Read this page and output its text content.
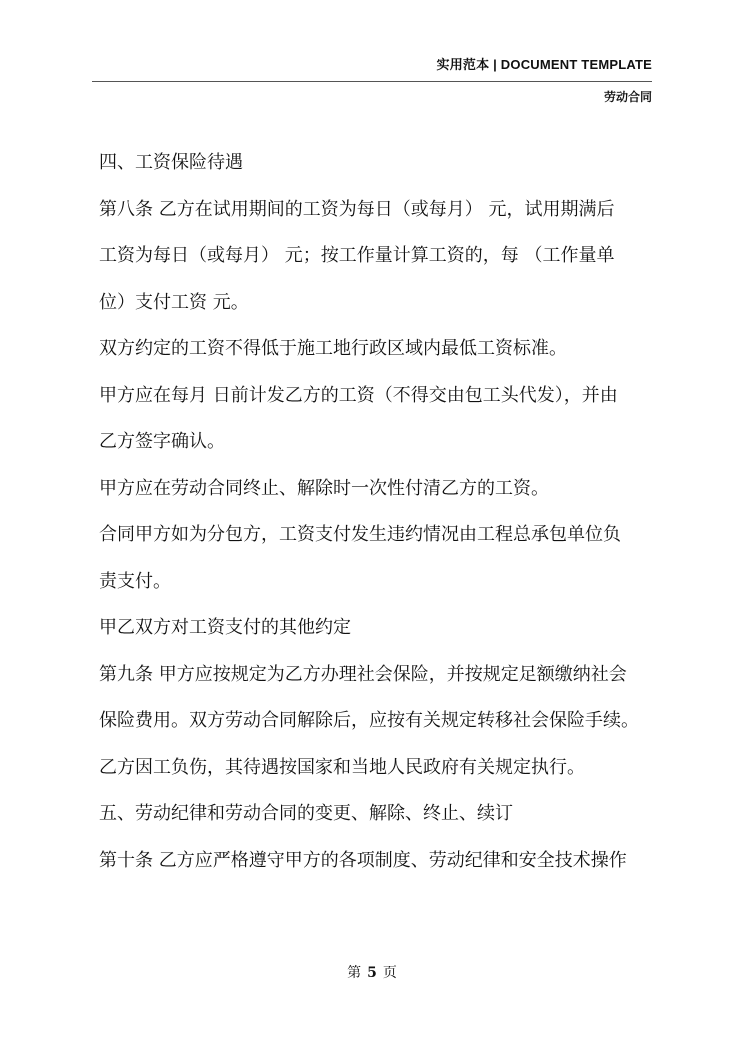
实用范本 | DOCUMENT TEMPLATE
劳动合同

四、工资保险待遇

第八条 乙方在试用期间的工资为每日（或每月） 元，试用期满后

工资为每日（或每月） 元；按工作量计算工资的，每 （工作量单

位）支付工资 元。

双方约定的工资不得低于施工地行政区域内最低工资标准。

甲方应在每月 日前计发乙方的工资（不得交由包工头代发），并由

乙方签字确认。

甲方应在劳动合同终止、解除时一次性付清乙方的工资。

合同甲方如为分包方，工资支付发生违约情况由工程总承包单位负

责支付。

甲乙双方对工资支付的其他约定

第九条 甲方应按规定为乙方办理社会保险，并按规定足额缴纳社会

保险费用。双方劳动合同解除后，应按有关规定转移社会保险手续。

乙方因工负伤，其待遇按国家和当地人民政府有关规定执行。

五、劳动纪律和劳动合同的变更、解除、终止、续订

第十条 乙方应严格遵守甲方的各项制度、劳动纪律和安全技术操作

第 5 页
